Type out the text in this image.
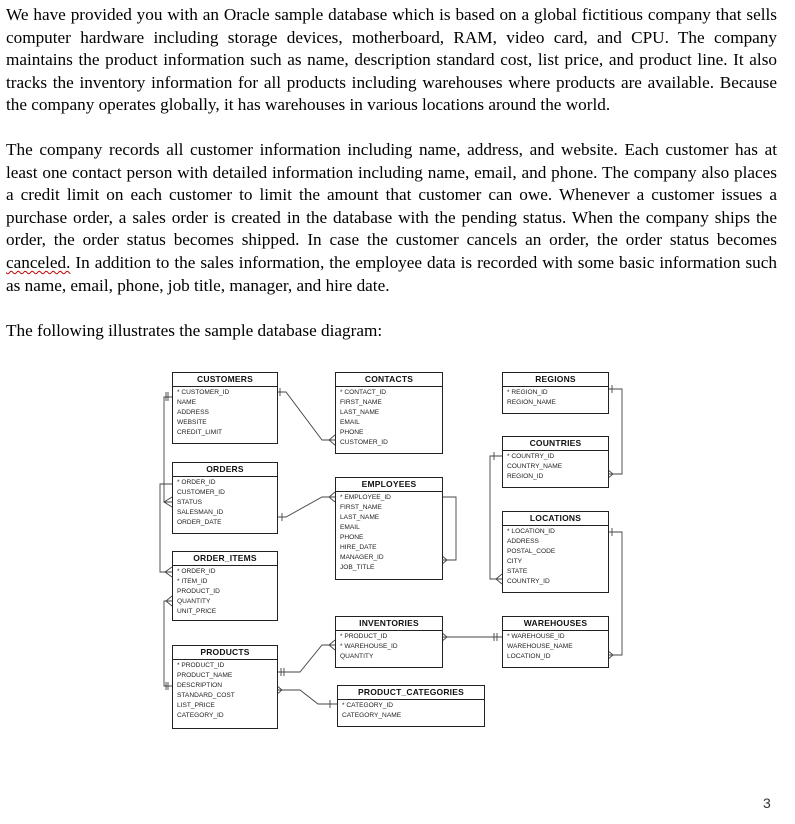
We have provided you with an Oracle sample database which is based on a global fictitious company that sells computer hardware including storage devices, motherboard, RAM, video card, and CPU. The company maintains the product information such as name, description standard cost, list price, and product line. It also tracks the inventory information for all products including warehouses where products are available. Because the company operates globally, it has warehouses in various locations around the world.

The company records all customer information including name, address, and website. Each customer has at least one contact person with detailed information including name, email, and phone. The company also places a credit limit on each customer to limit the amount that customer can owe. Whenever a customer issues a purchase order, a sales order is created in the database with the pending status. When the company ships the order, the order status becomes shipped. In case the customer cancels an order, the order status becomes canceled. In addition to the sales information, the employee data is recorded with some basic information such as name, email, phone, job title, manager, and hire date.

The following illustrates the sample database diagram:

CUSTOMERS
* CUSTOMER_ID
NAME
ADDRESS
WEBSITE
CREDIT_LIMIT
CONTACTS
* CONTACT_ID
FIRST_NAME
LAST_NAME
EMAIL
PHONE
CUSTOMER_ID
REGIONS
* REGION_ID
REGION_NAME
COUNTRIES
* COUNTRY_ID
COUNTRY_NAME
REGION_ID
ORDERS
* ORDER_ID
CUSTOMER_ID
STATUS
SALESMAN_ID
ORDER_DATE
EMPLOYEES
* EMPLOYEE_ID
FIRST_NAME
LAST_NAME
EMAIL
PHONE
HIRE_DATE
MANAGER_ID
JOB_TITLE
LOCATIONS
* LOCATION_ID
ADDRESS
POSTAL_CODE
CITY
STATE
COUNTRY_ID
ORDER_ITEMS
* ORDER_ID
* ITEM_ID
PRODUCT_ID
QUANTITY
UNIT_PRICE
INVENTORIES
* PRODUCT_ID
* WAREHOUSE_ID
QUANTITY
WAREHOUSES
* WAREHOUSE_ID
WAREHOUSE_NAME
LOCATION_ID
PRODUCTS
* PRODUCT_ID
PRODUCT_NAME
DESCRIPTION
STANDARD_COST
LIST_PRICE
CATEGORY_ID
PRODUCT_CATEGORIES
* CATEGORY_ID
CATEGORY_NAME
3
